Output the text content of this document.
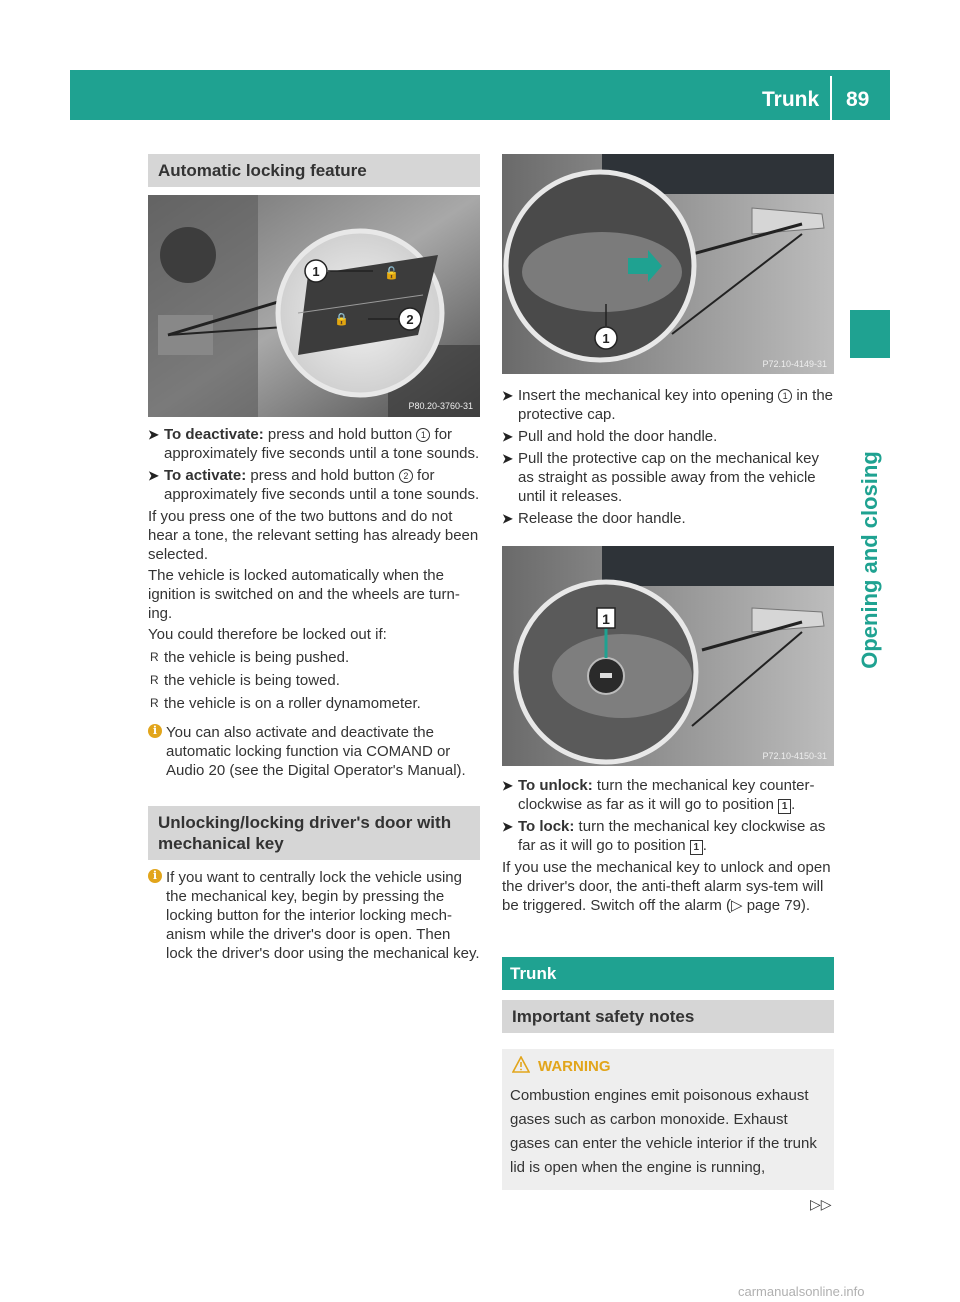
Trunk 89
Opening and closing
Automatic locking feature
1
2
🔓
🔒
P80.20-3760-31
➤ To deactivate: press and hold button 1 for approximately five seconds until a tone sounds.
➤ To activate: press and hold button 2 for approximately five seconds until a tone sounds.
If you press one of the two buttons and do not hear a tone, the relevant setting has already been selected.
The vehicle is locked automatically when the ignition is switched on and the wheels are turn-ing.
You could therefore be locked out if:
R the vehicle is being pushed.
R the vehicle is being towed.
R the vehicle is on a roller dynamometer.
i You can also activate and deactivate the automatic locking function via COMAND or Audio 20 (see the Digital Operator's Manual).
Unlocking/locking driver's door with mechanical key
i If you want to centrally lock the vehicle using the mechanical key, begin by pressing the locking button for the interior locking mech-anism while the driver's door is open. Then lock the driver's door using the mechanical key.
1
P72.10-4149-31
➤ Insert the mechanical key into opening 1 in the protective cap.
➤ Pull and hold the door handle.
➤ Pull the protective cap on the mechanical key as straight as possible away from the vehicle until it releases.
➤ Release the door handle.
1
P72.10-4150-31
➤ To unlock: turn the mechanical key counter-clockwise as far as it will go to position 1 .
➤ To lock: turn the mechanical key clockwise as far as it will go to position 1 .
If you use the mechanical key to unlock and open the driver's door, the anti-theft alarm sys-tem will be triggered. Switch off the alarm (▷ page 79).
Trunk
Important safety notes
WARNING
Combustion engines emit poisonous exhaust gases such as carbon monoxide. Exhaust gases can enter the vehicle interior if the trunk lid is open when the engine is running,
▷▷
carmanualsonline.info
